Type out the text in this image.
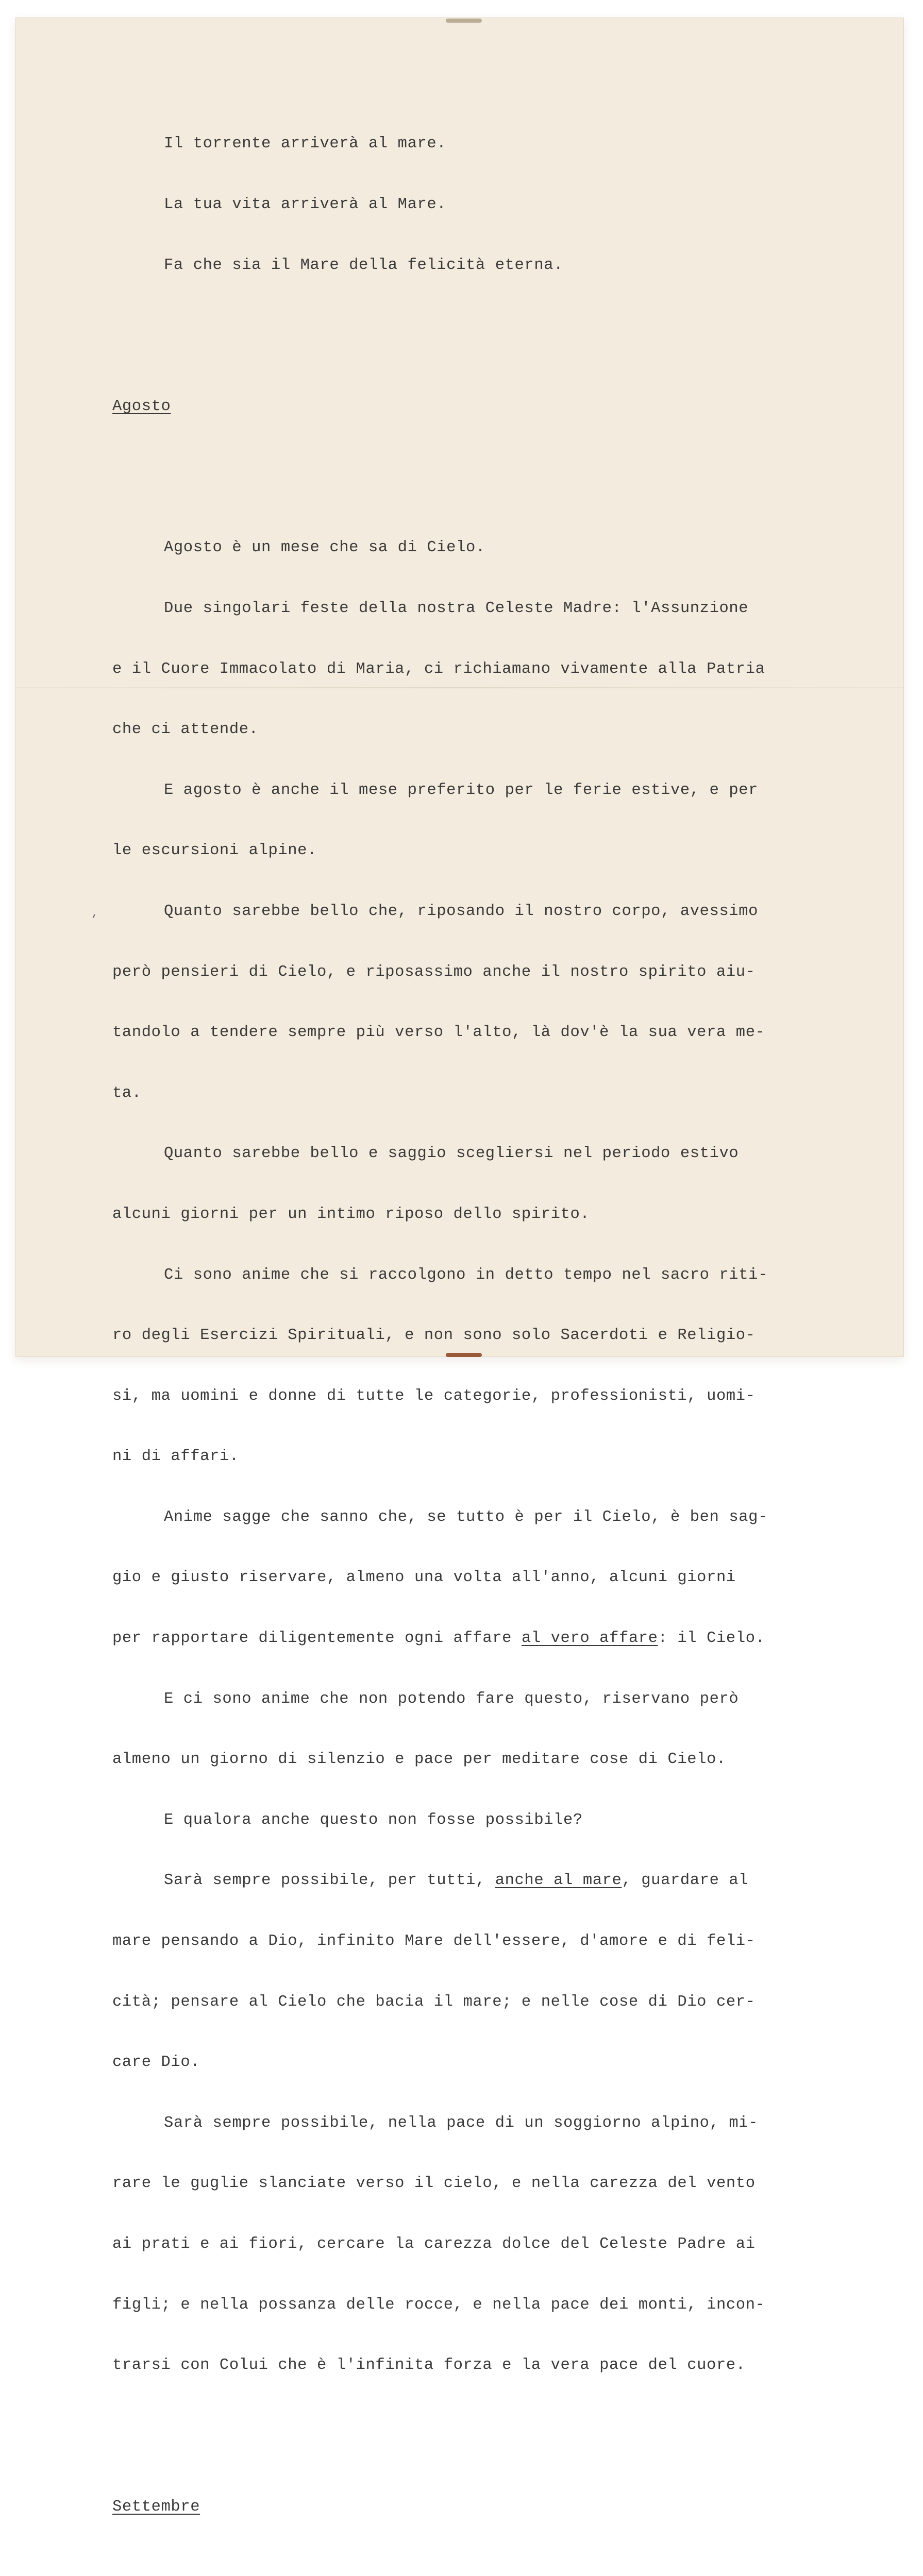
,

Il torrente arriverà al mare.

La tua vita arriverà al Mare.

Fa che sia il Mare della felicità eterna.

Agosto

Agosto è un mese che sa di Cielo.

Due singolari feste della nostra Celeste Madre: l'Assunzione

e il Cuore Immacolato di Maria, ci richiamano vivamente alla Patria

che ci attende.

E agosto è anche il mese preferito per le ferie estive, e per

le escursioni alpine.

Quanto sarebbe bello che, riposando il nostro corpo, avessimo

però pensieri di Cielo, e riposassimo anche il nostro spirito aiu-

tandolo a tendere sempre più verso l'alto, là dov'è la sua vera me-

ta.

Quanto sarebbe bello e saggio scegliersi nel periodo estivo

alcuni giorni per un intimo riposo dello spirito.

Ci sono anime che si raccolgono in detto tempo nel sacro riti-

ro degli Esercizi Spirituali, e non sono solo Sacerdoti e Religio-

si, ma uomini e donne di tutte le categorie, professionisti, uomi-

ni di affari.

Anime sagge che sanno che, se tutto è per il Cielo, è ben sag-

gio e giusto riservare, almeno una volta all'anno, alcuni giorni

per rapportare diligentemente ogni affare al vero affare: il Cielo.

E ci sono anime che non potendo fare questo, riservano però

almeno un giorno di silenzio e pace per meditare cose di Cielo.

E qualora anche questo non fosse possibile?

Sarà sempre possibile, per tutti, anche al mare, guardare al

mare pensando a Dio, infinito Mare dell'essere, d'amore e di feli-

cità; pensare al Cielo che bacia il mare; e nelle cose di Dio cer-

care Dio.

Sarà sempre possibile, nella pace di un soggiorno alpino, mi-

rare le guglie slanciate verso il cielo, e nella carezza del vento

ai prati e ai fiori, cercare la carezza dolce del Celeste Padre ai

figli; e nella possanza delle rocce, e nella pace dei monti, incon-

trarsi con Colui che è l'infinita forza e la vera pace del cuore.

Settembre
